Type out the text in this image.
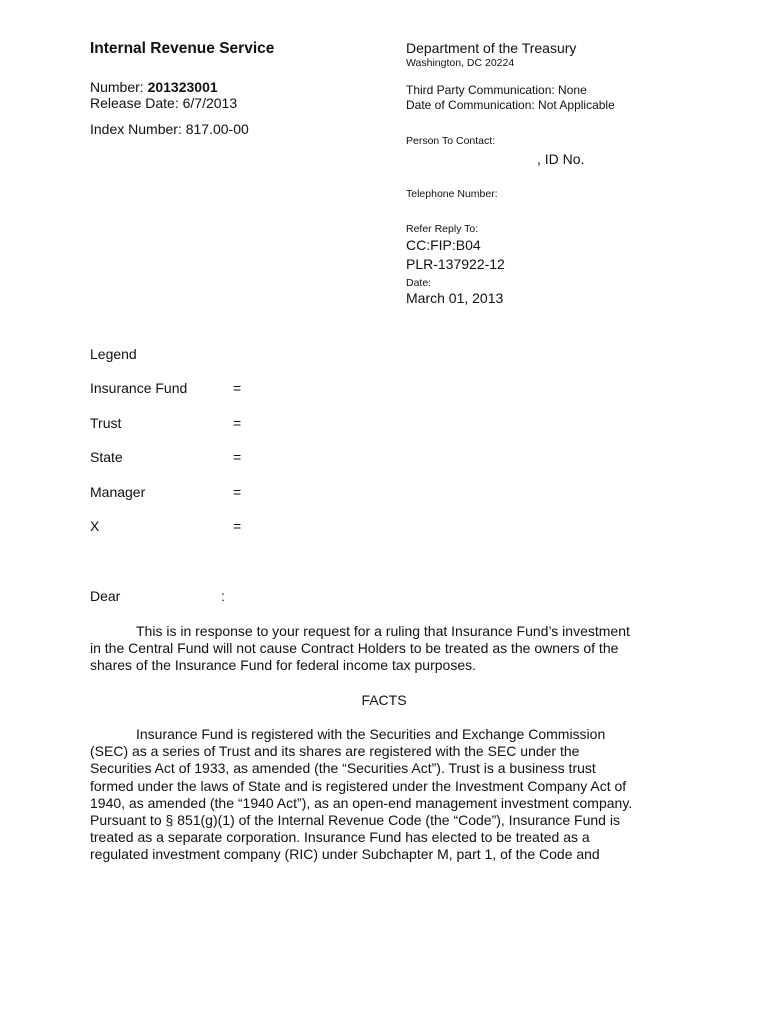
Internal Revenue Service
Number: 201323001
Release Date: 6/7/2013
Index Number: 817.00-00
Department of the Treasury
Washington, DC 20224
Third Party Communication: None
Date of Communication: Not Applicable
Person To Contact:
, ID No.
Telephone Number:
Refer Reply To:
CC:FIP:B04
PLR-137922-12
Date:
March 01, 2013
Legend
Insurance Fund	=
Trust	=
State	=
Manager	=
X	=
Dear	:
This is in response to your request for a ruling that Insurance Fund’s investment
in the Central Fund will not cause Contract Holders to be treated as the owners of the
shares of the Insurance Fund for federal income tax purposes.
FACTS
Insurance Fund is registered with the Securities and Exchange Commission
(SEC) as a series of Trust and its shares are registered with the SEC under the
Securities Act of 1933, as amended (the “Securities Act”). Trust is a business trust
formed under the laws of State and is registered under the Investment Company Act of
1940, as amended (the “1940 Act”), as an open-end management investment company.
Pursuant to § 851(g)(1) of the Internal Revenue Code (the “Code”), Insurance Fund is
treated as a separate corporation. Insurance Fund has elected to be treated as a
regulated investment company (RIC) under Subchapter M, part 1, of the Code and
